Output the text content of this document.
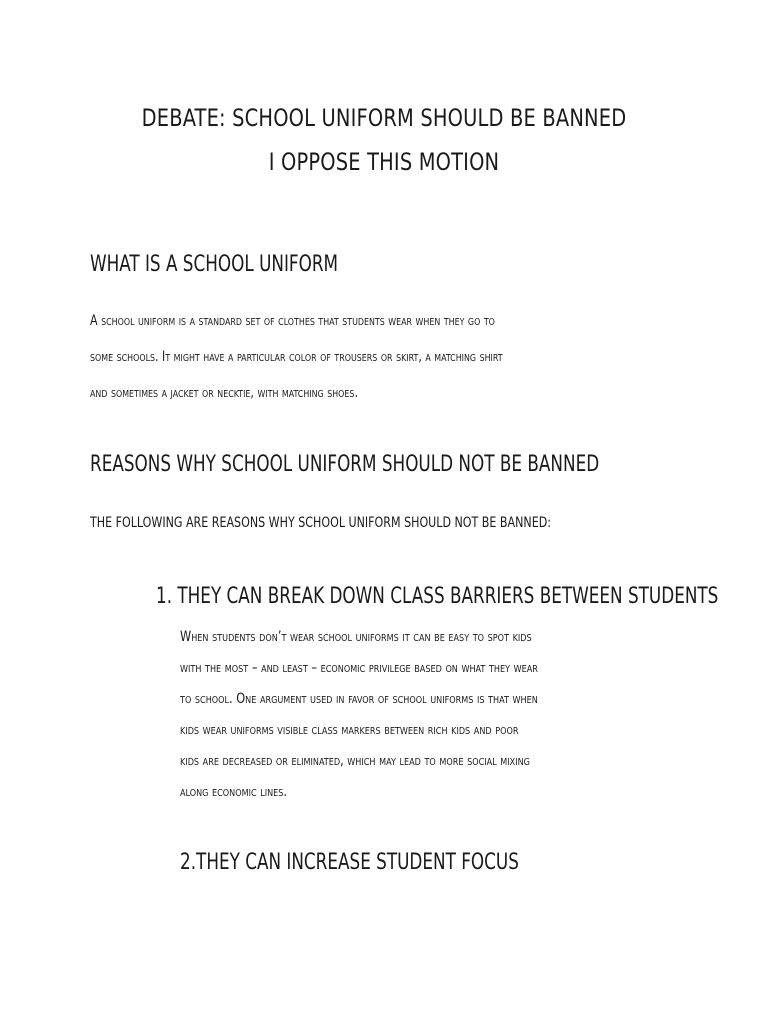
DEBATE: SCHOOL UNIFORM SHOULD BE BANNED
I OPPOSE THIS MOTION
WHAT IS A SCHOOL UNIFORM
A school uniform is a standard set of clothes that students wear when they go to
some schools. It might have a particular color of trousers or skirt, a matching shirt
and sometimes a jacket or necktie, with matching shoes.
REASONS WHY SCHOOL UNIFORM SHOULD NOT BE BANNED
THE FOLLOWING ARE REASONS WHY SCHOOL UNIFORM SHOULD NOT BE BANNED:
1. THEY CAN BREAK DOWN CLASS BARRIERS BETWEEN STUDENTS
When students don’t wear school uniforms it can be easy to spot kids
with the most – and least – economic privilege based on what they wear
to school. One argument used in favor of school uniforms is that when
kids wear uniforms visible class markers between rich kids and poor
kids are decreased or eliminated, which may lead to more social mixing
along economic lines.
2.THEY CAN INCREASE STUDENT FOCUS
